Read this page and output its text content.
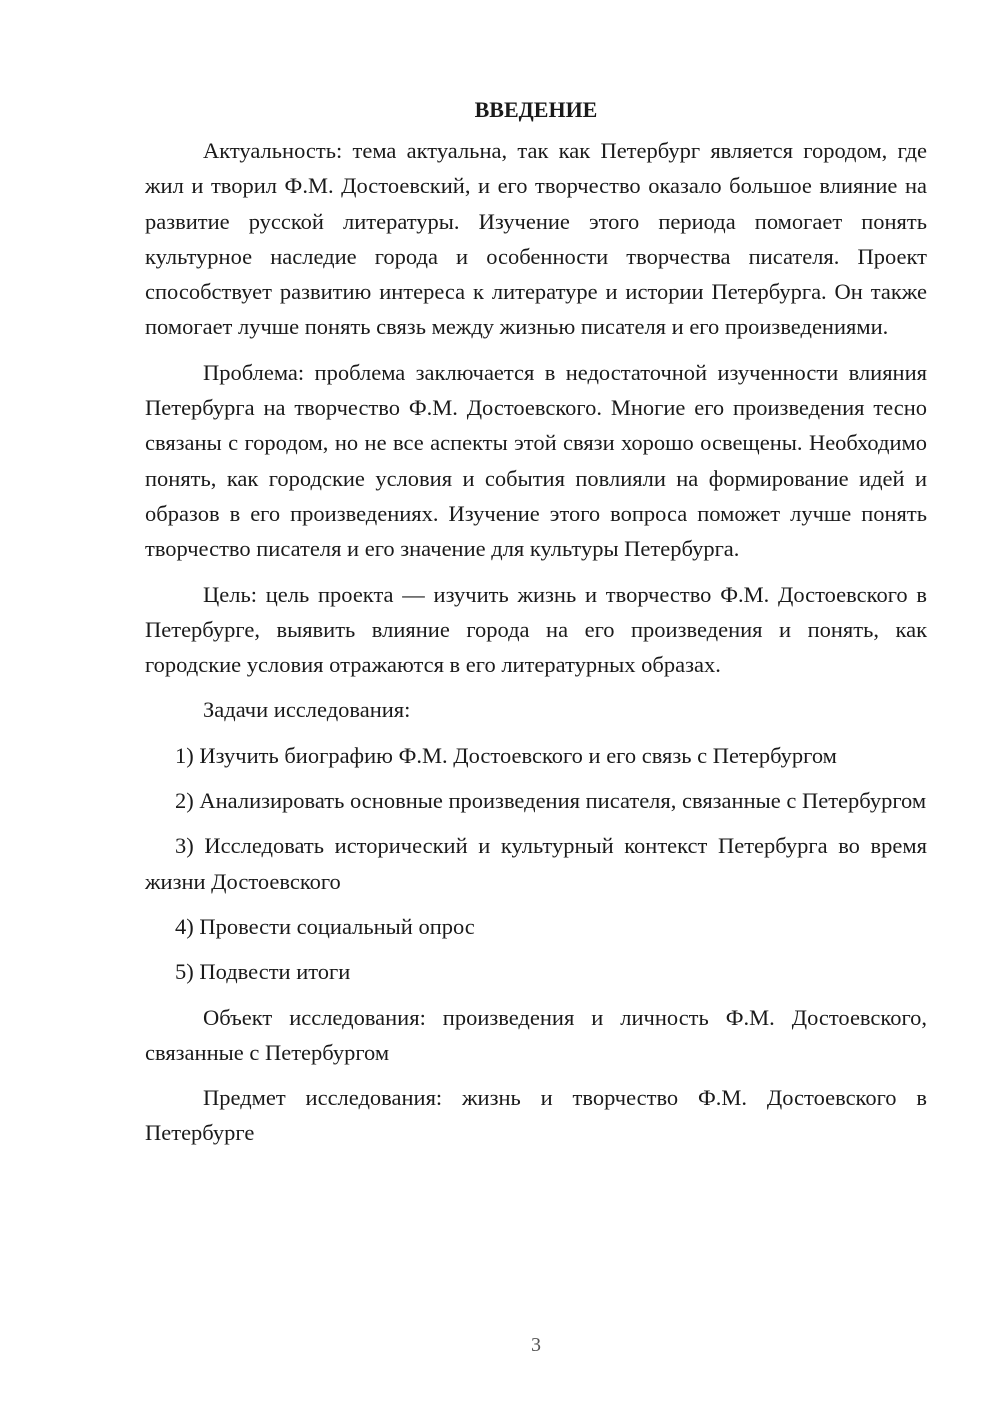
ВВЕДЕНИЕ

Актуальность: тема актуальна, так как Петербург является городом, где жил и творил Ф.М. Достоевский, и его творчество оказало большое влияние на развитие русской литературы. Изучение этого периода помогает понять культурное наследие города и особенности творчества писателя. Проект способствует развитию интереса к литературе и истории Петербурга. Он также помогает лучше понять связь между жизнью писателя и его произведениями.

Проблема: проблема заключается в недостаточной изученности влияния Петербурга на творчество Ф.М. Достоевского. Многие его произведения тесно связаны с городом, но не все аспекты этой связи хорошо освещены. Необходимо понять, как городские условия и события повлияли на формирование идей и образов в его произведениях. Изучение этого вопроса поможет лучше понять творчество писателя и его значение для культуры Петербурга.

Цель: цель проекта — изучить жизнь и творчество Ф.М. Достоевского в Петербурге, выявить влияние города на его произведения и понять, как городские условия отражаются в его литературных образах.

Задачи исследования:

1) Изучить биографию Ф.М. Достоевского и его связь с Петербургом

2) Анализировать основные произведения писателя, связанные с Петербургом

3) Исследовать исторический и культурный контекст Петербурга во время жизни Достоевского

4) Провести социальный опрос

5) Подвести итоги

Объект исследования: произведения и личность Ф.М. Достоевского, связанные с Петербургом

Предмет исследования: жизнь и творчество Ф.М. Достоевского в Петербурге

3
